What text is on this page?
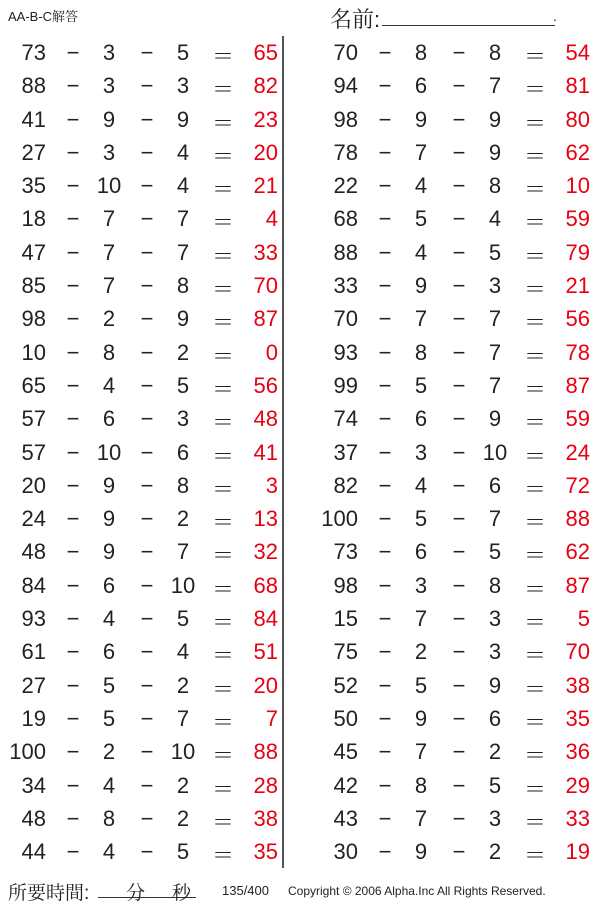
AA-B-C解答	名前:	.
73 −	3	−	5	＝ 65
88 −	3	−	3	＝ 82
41 −	9	−	9	＝ 23
27 −	3	−	4	＝ 20
35 − 10 −	4	＝ 21
18 −	7	−	7	＝	4
47 −	7	−	7	＝ 33
85 −	7	−	8	＝ 70
98 −	2	−	9	＝ 87
10 −	8	−	2	＝	0
65 −	4	−	5	＝ 56
57 −	6	−	3	＝ 48
57 − 10 −	6	＝ 41
20 −	9	−	8	＝	3
24 −	9	−	2	＝ 13
48 −	9	−	7	＝ 32
84 −	6	− 10 ＝ 68
93 −	4	−	5	＝ 84
61 −	6	−	4	＝ 51
27 −	5	−	2	＝ 20
19 −	5	−	7	＝	7
100 −	2	− 10 ＝ 88
34 −	4	−	2	＝ 28
48 −	8	−	2	＝ 38
44 −	4	−	5	＝ 35
70 −	8	−	8	＝ 54
94 −	6	−	7	＝ 81
98 −	9	−	9	＝ 80
78 −	7	−	9	＝ 62
22 −	4	−	8	＝ 10
68 −	5	−	4	＝ 59
88 −	4	−	5	＝ 79
33 −	9	−	3	＝ 21
70 −	7	−	7	＝ 56
93 −	8	−	7	＝ 78
99 −	5	−	7	＝ 87
74 −	6	−	9	＝ 59
37 −	3	− 10 ＝ 24
82 −	4	−	6	＝ 72
100 −	5	−	7	＝ 88
73 −	6	−	5	＝ 62
98 −	3	−	8	＝ 87
15 −	7	−	3	＝	5
75 −	2	−	3	＝ 70
52 −	5	−	9	＝ 38
50 −	9	−	6	＝ 35
45 −	7	−	2	＝ 36
42 −	8	−	5	＝ 29
43 −	7	−	3	＝ 33
30 −	9	−	2	＝ 19
所要時間: 分 秒 135/400 Copyright © 2006 Alpha.Inc All Rights Reserved.
